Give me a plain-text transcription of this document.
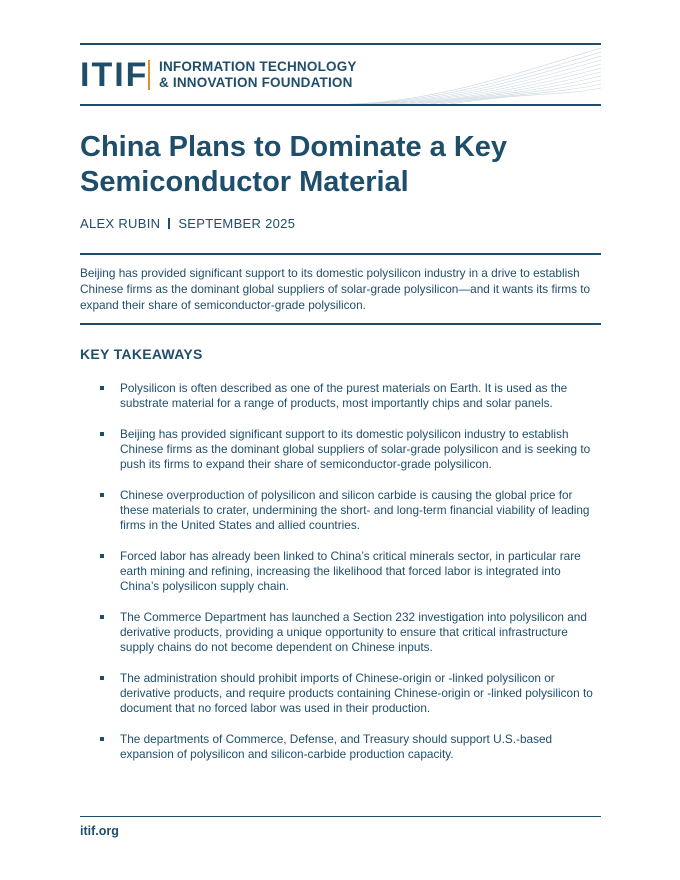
ITIF INFORMATION TECHNOLOGY
& INNOVATION FOUNDATION
China Plans to Dominate a Key
Semiconductor Material
ALEX RUBIN SEPTEMBER 2025

Beijing has provided significant support to its domestic polysilicon industry in a drive to establish Chinese firms as the dominant global suppliers of solar-grade polysilicon—and it wants its firms to expand their share of semiconductor-grade polysilicon.

KEY TAKEAWAYS
Polysilicon is often described as one of the purest materials on Earth. It is used as the substrate material for a range of products, most importantly chips and solar panels.
Beijing has provided significant support to its domestic polysilicon industry to establish Chinese firms as the dominant global suppliers of solar-grade polysilicon and is seeking to push its firms to expand their share of semiconductor-grade polysilicon.
Chinese overproduction of polysilicon and silicon carbide is causing the global price for these materials to crater, undermining the short- and long-term financial viability of leading firms in the United States and allied countries.
Forced labor has already been linked to China’s critical minerals sector, in particular rare earth mining and refining, increasing the likelihood that forced labor is integrated into China’s polysilicon supply chain.
The Commerce Department has launched a Section 232 investigation into polysilicon and derivative products, providing a unique opportunity to ensure that critical infrastructure supply chains do not become dependent on Chinese inputs.
The administration should prohibit imports of Chinese-origin or -linked polysilicon or derivative products, and require products containing Chinese-origin or -linked polysilicon to document that no forced labor was used in their production.
The departments of Commerce, Defense, and Treasury should support U.S.-based expansion of polysilicon and silicon-carbide production capacity.
itif.org
